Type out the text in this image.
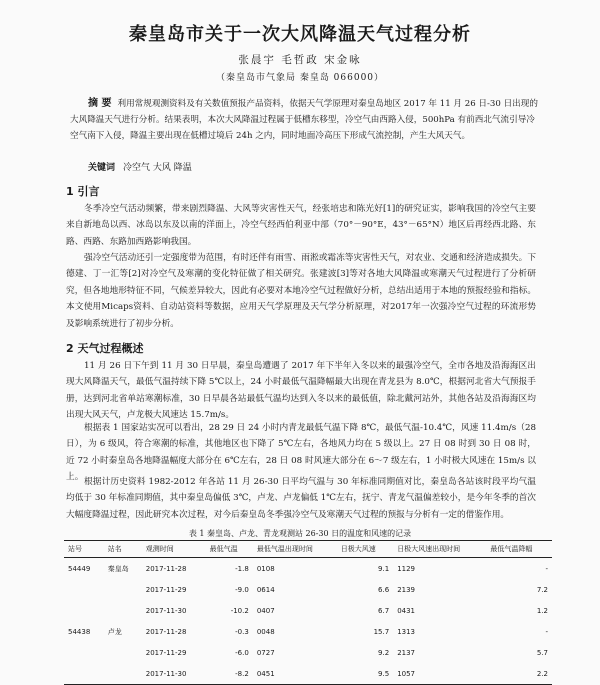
秦皇岛市关于一次大风降温天气过程分析
张晨宇 毛哲政 宋金咏
（秦皇岛市气象局 秦皇岛 066000）
摘 要 利用常规观测资料及有关数值预报产品资料，依据天气学原理对秦皇岛地区 2017 年 11 月 26 日-30 日出现的大风降温天气进行分析。结果表明，本次大风降温过程属于低槽东移型，冷空气由西路入侵，500hPa 有前西北气流引导冷空气南下入侵，降温主要出现在低槽过境后 24h 之内，同时地面冷高压下形成气流控制，产生大风天气。
关键词 冷空气 大风 降温
1 引言
冬季冷空气活动频繁，带来剧烈降温、大风等灾害性天气，经张培忠和陈光好[1]的研究证实，影响我国的冷空气主要来自新地岛以西、冰岛以东及以南的洋面上，冷空气经西伯利亚中部（70°－90°E，43°－65°N）地区后再经西北路、东路、西路、东路加西路影响我国。
强冷空气活动还引一定强度带为范围，有时还伴有雨雪、雨淞或霜冻等灾害性天气，对农业、交通和经济造成损失。下德建、丁一汇等[2]对冷空气及寒潮的变化特征做了相关研究。张建波[3]等对各地大风降温或寒潮天气过程进行了分析研究，但各地地形特征不同，气候差异较大，因此有必要对本地冷空气过程做好分析，总结出适用于本地的预报经验和指标。本文使用Micaps资料、自动站资料等数据，应用天气学原理及天气学分析原理，对2017年一次强冷空气过程的环流形势及影响系统进行了初步分析。
2 天气过程概述
11 月 26 日下午到 11 月 30 日早晨，秦皇岛遭遇了 2017 年下半年入冬以来的最强冷空气，全市各地及沿海海区出现大风降温天气，最低气温持续下降 5℃以上，24 小时最低气温降幅最大出现在青龙县为 8.0℃，根据河北省大气预报手册，达到河北省单站寒潮标准，30 日早晨各站最低气温均达到入冬以来的最低值，除北戴河站外，其他各站及沿海海区均出现大风天气，卢龙极大风速达 15.7m/s。
根据表 1 国家站实况可以看出，28 29 日 24 小时内青龙最低气温下降 8℃，最低气温-10.4℃，风速 11.4m/s（28 日），为 6 级风，符合寒潮的标准，其他地区也下降了 5℃左右，各地风力均在 5 级以上。27 日 08 时到 30 日 08 时，近 72 小时秦皇岛各地降温幅度大部分在 6℃左右，28 日 08 时风速大部分在 6～7 级左右，1 小时极大风速在 15m/s 以上。 根据计历史资料 1982-2012 年各站 11 月 26-30 日平均气温与 30 年标准同期值对比，秦皇岛各站该时段平均气温均低于 30 年标准同期值，其中秦皇岛偏低 3℃，卢龙、卢龙偏低 1℃左右，抚宁、青龙气温偏差较小，是今年冬季的首次大幅度降温过程，因此研究本次过程，对今后秦皇岛冬季强冷空气及寒潮天气过程的预报与分析有一定的借鉴作用。
表 1 秦皇岛、卢龙、青龙观测站 26-30 日的温度和风速的记录
站号	站名	观测时间	最低气温	最低气温出现时间	日极大风速	日极大风速出现时间	最低气温降幅
54449	秦皇岛	2017-11-28	-1.8	0108	9.1	1129	-
		2017-11-29	-9.0	0614	6.6	2139	7.2
		2017-11-30	-10.2	0407	6.7	0431	1.2
54438	卢龙	2017-11-28	-0.3	0048	15.7	1313	-
		2017-11-29	-6.0	0727	9.2	2137	5.7
		2017-11-30	-8.2	0451	9.5	1057	2.2
